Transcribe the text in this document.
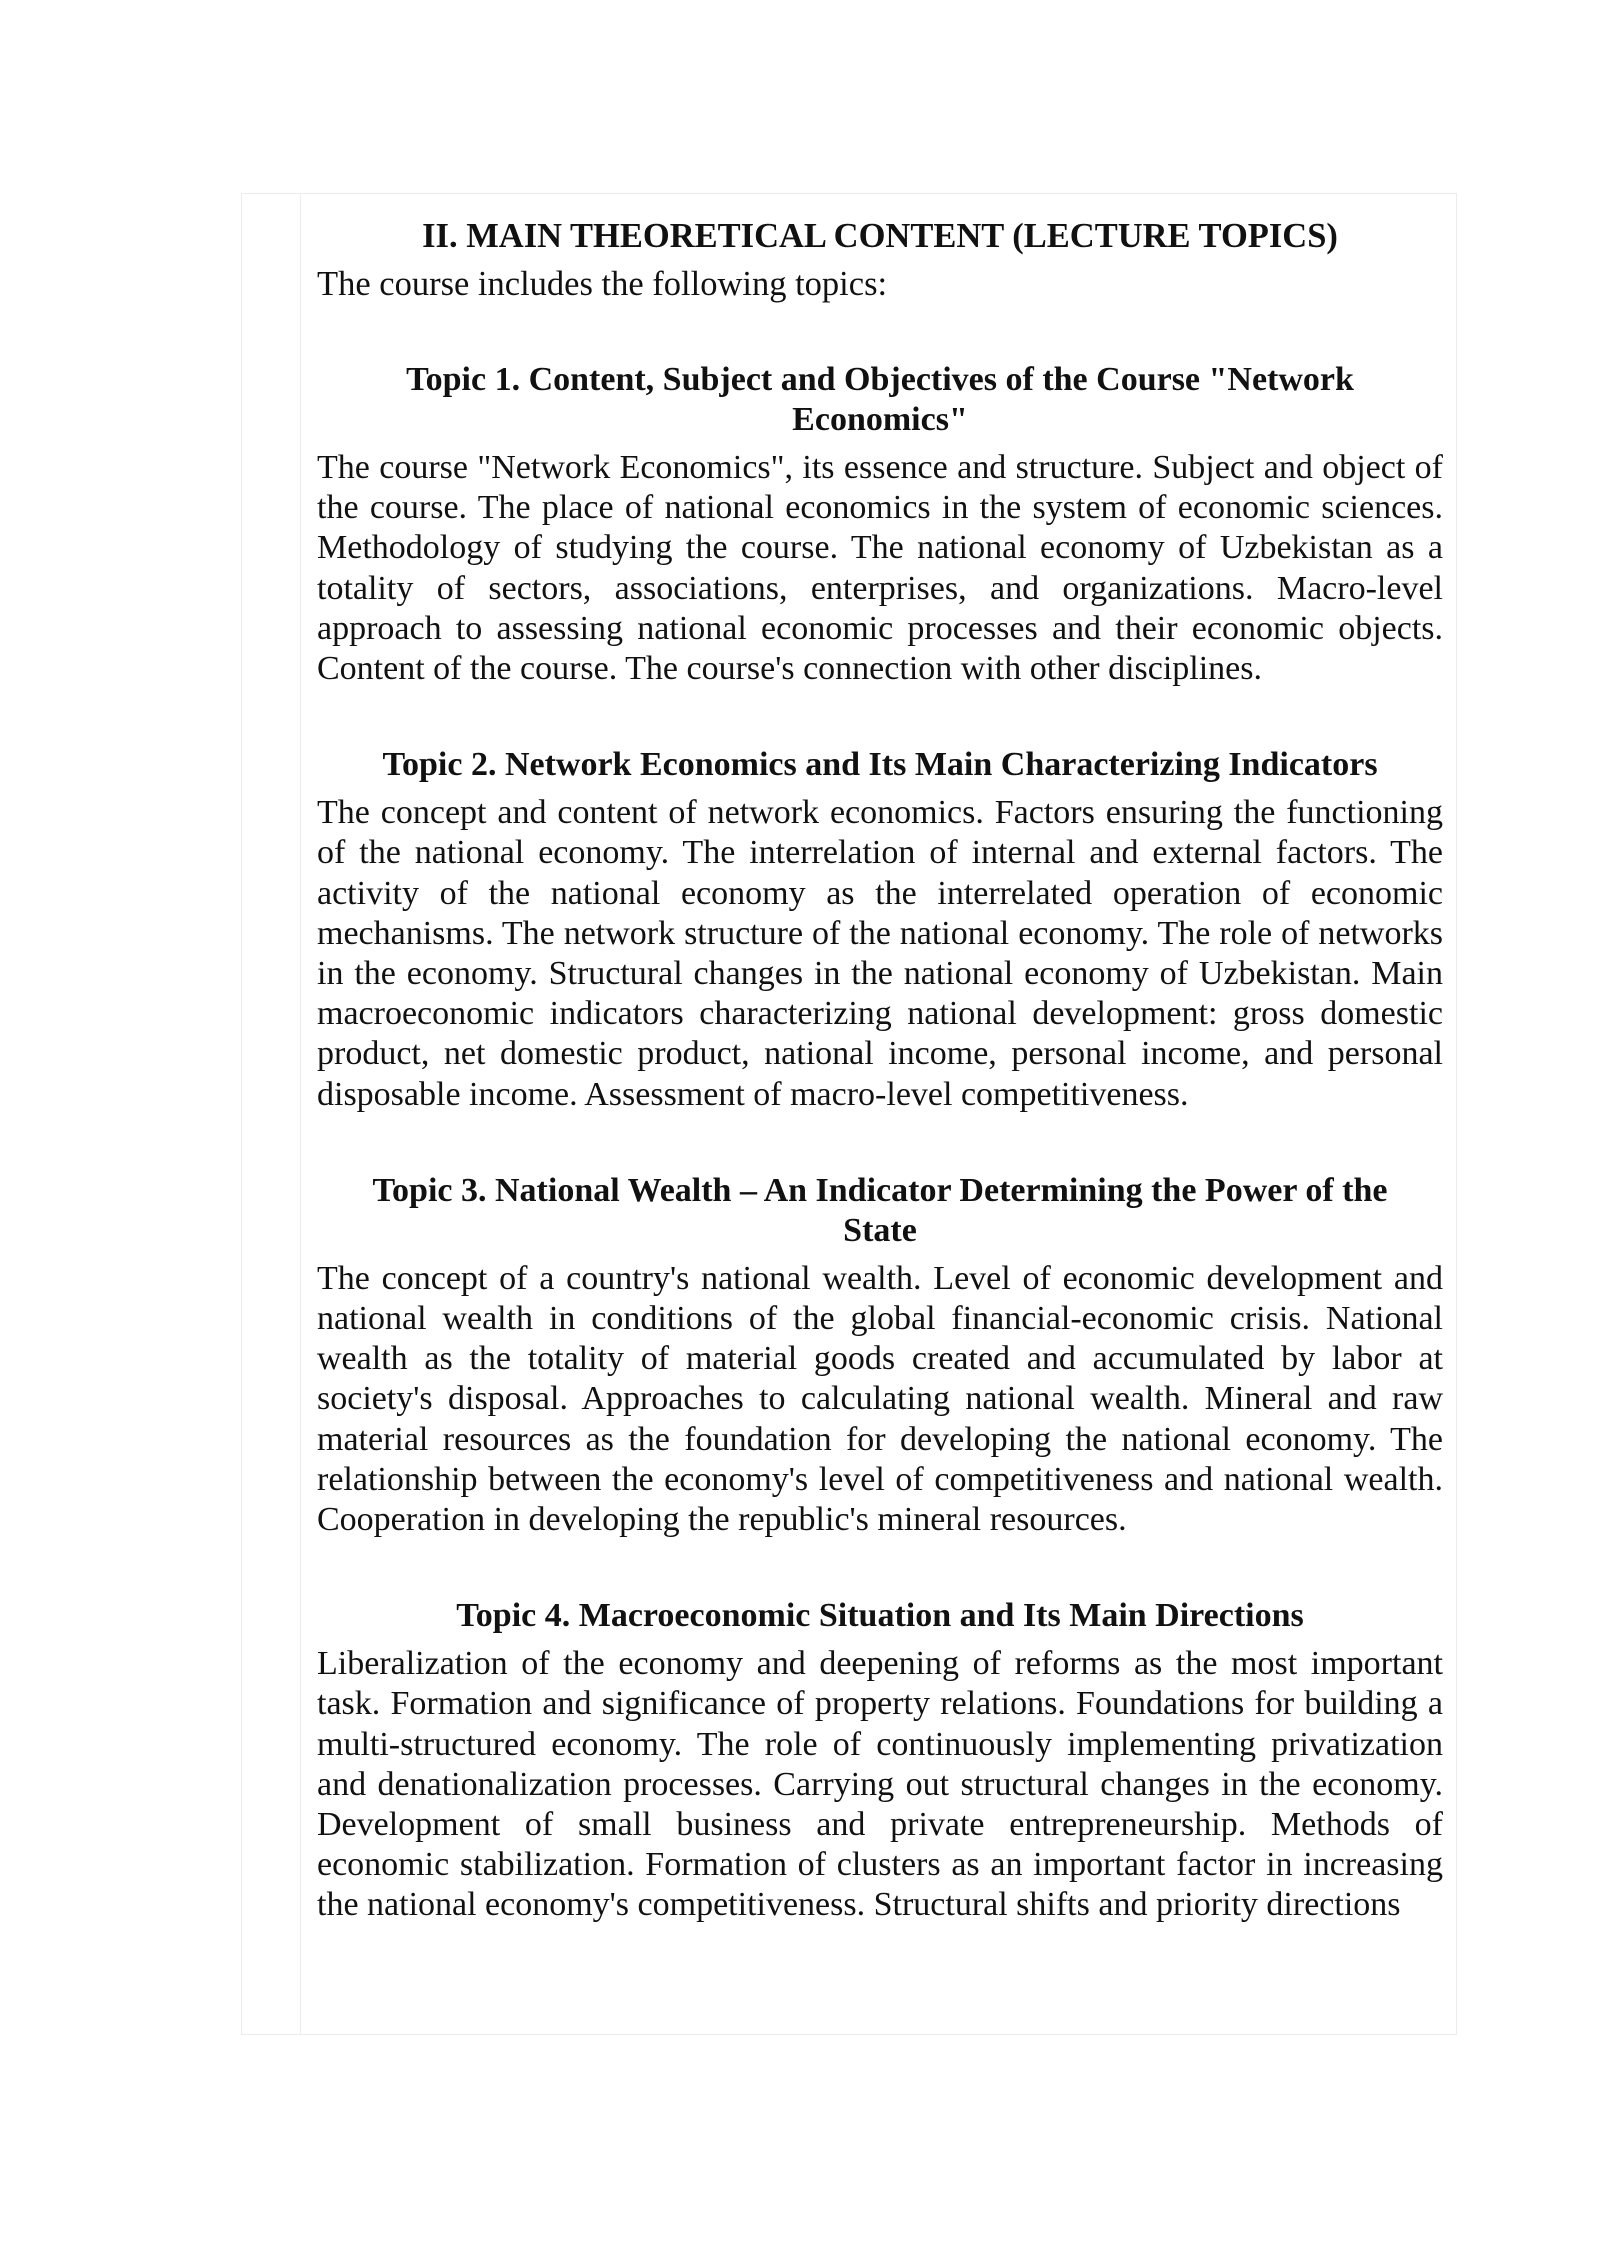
II. MAIN THEORETICAL CONTENT (LECTURE TOPICS)

The course includes the following topics:

Topic 1. Content, Subject and Objectives of the Course "Network Economics"

The course "Network Economics", its essence and structure. Subject and object of the course. The place of national economics in the system of economic sciences. Methodology of studying the course. The national economy of Uzbekistan as a totality of sectors, associations, enterprises, and organizations. Macro-level approach to assessing national economic processes and their economic objects. Content of the course. The course's connection with other disciplines.

Topic 2. Network Economics and Its Main Characterizing Indicators

The concept and content of network economics. Factors ensuring the functioning of the national economy. The interrelation of internal and external factors. The activity of the national economy as the interrelated operation of economic mechanisms. The network structure of the national economy. The role of networks in the economy. Structural changes in the national economy of Uzbekistan. Main macroeconomic indicators characterizing national development: gross domestic product, net domestic product, national income, personal income, and personal disposable income. Assessment of macro-level competitiveness.

Topic 3. National Wealth – An Indicator Determining the Power of the State

The concept of a country's national wealth. Level of economic development and national wealth in conditions of the global financial-economic crisis. National wealth as the totality of material goods created and accumulated by labor at society's disposal. Approaches to calculating national wealth. Mineral and raw material resources as the foundation for developing the national economy. The relationship between the economy's level of competitiveness and national wealth. Cooperation in developing the republic's mineral resources.

Topic 4. Macroeconomic Situation and Its Main Directions

Liberalization of the economy and deepening of reforms as the most important task. Formation and significance of property relations. Foundations for building a multi-structured economy. The role of continuously implementing privatization and denationalization processes. Carrying out structural changes in the economy. Development of small business and private entrepreneurship. Methods of economic stabilization. Formation of clusters as an important factor in increasing the national economy's competitiveness. Structural shifts and priority directions
